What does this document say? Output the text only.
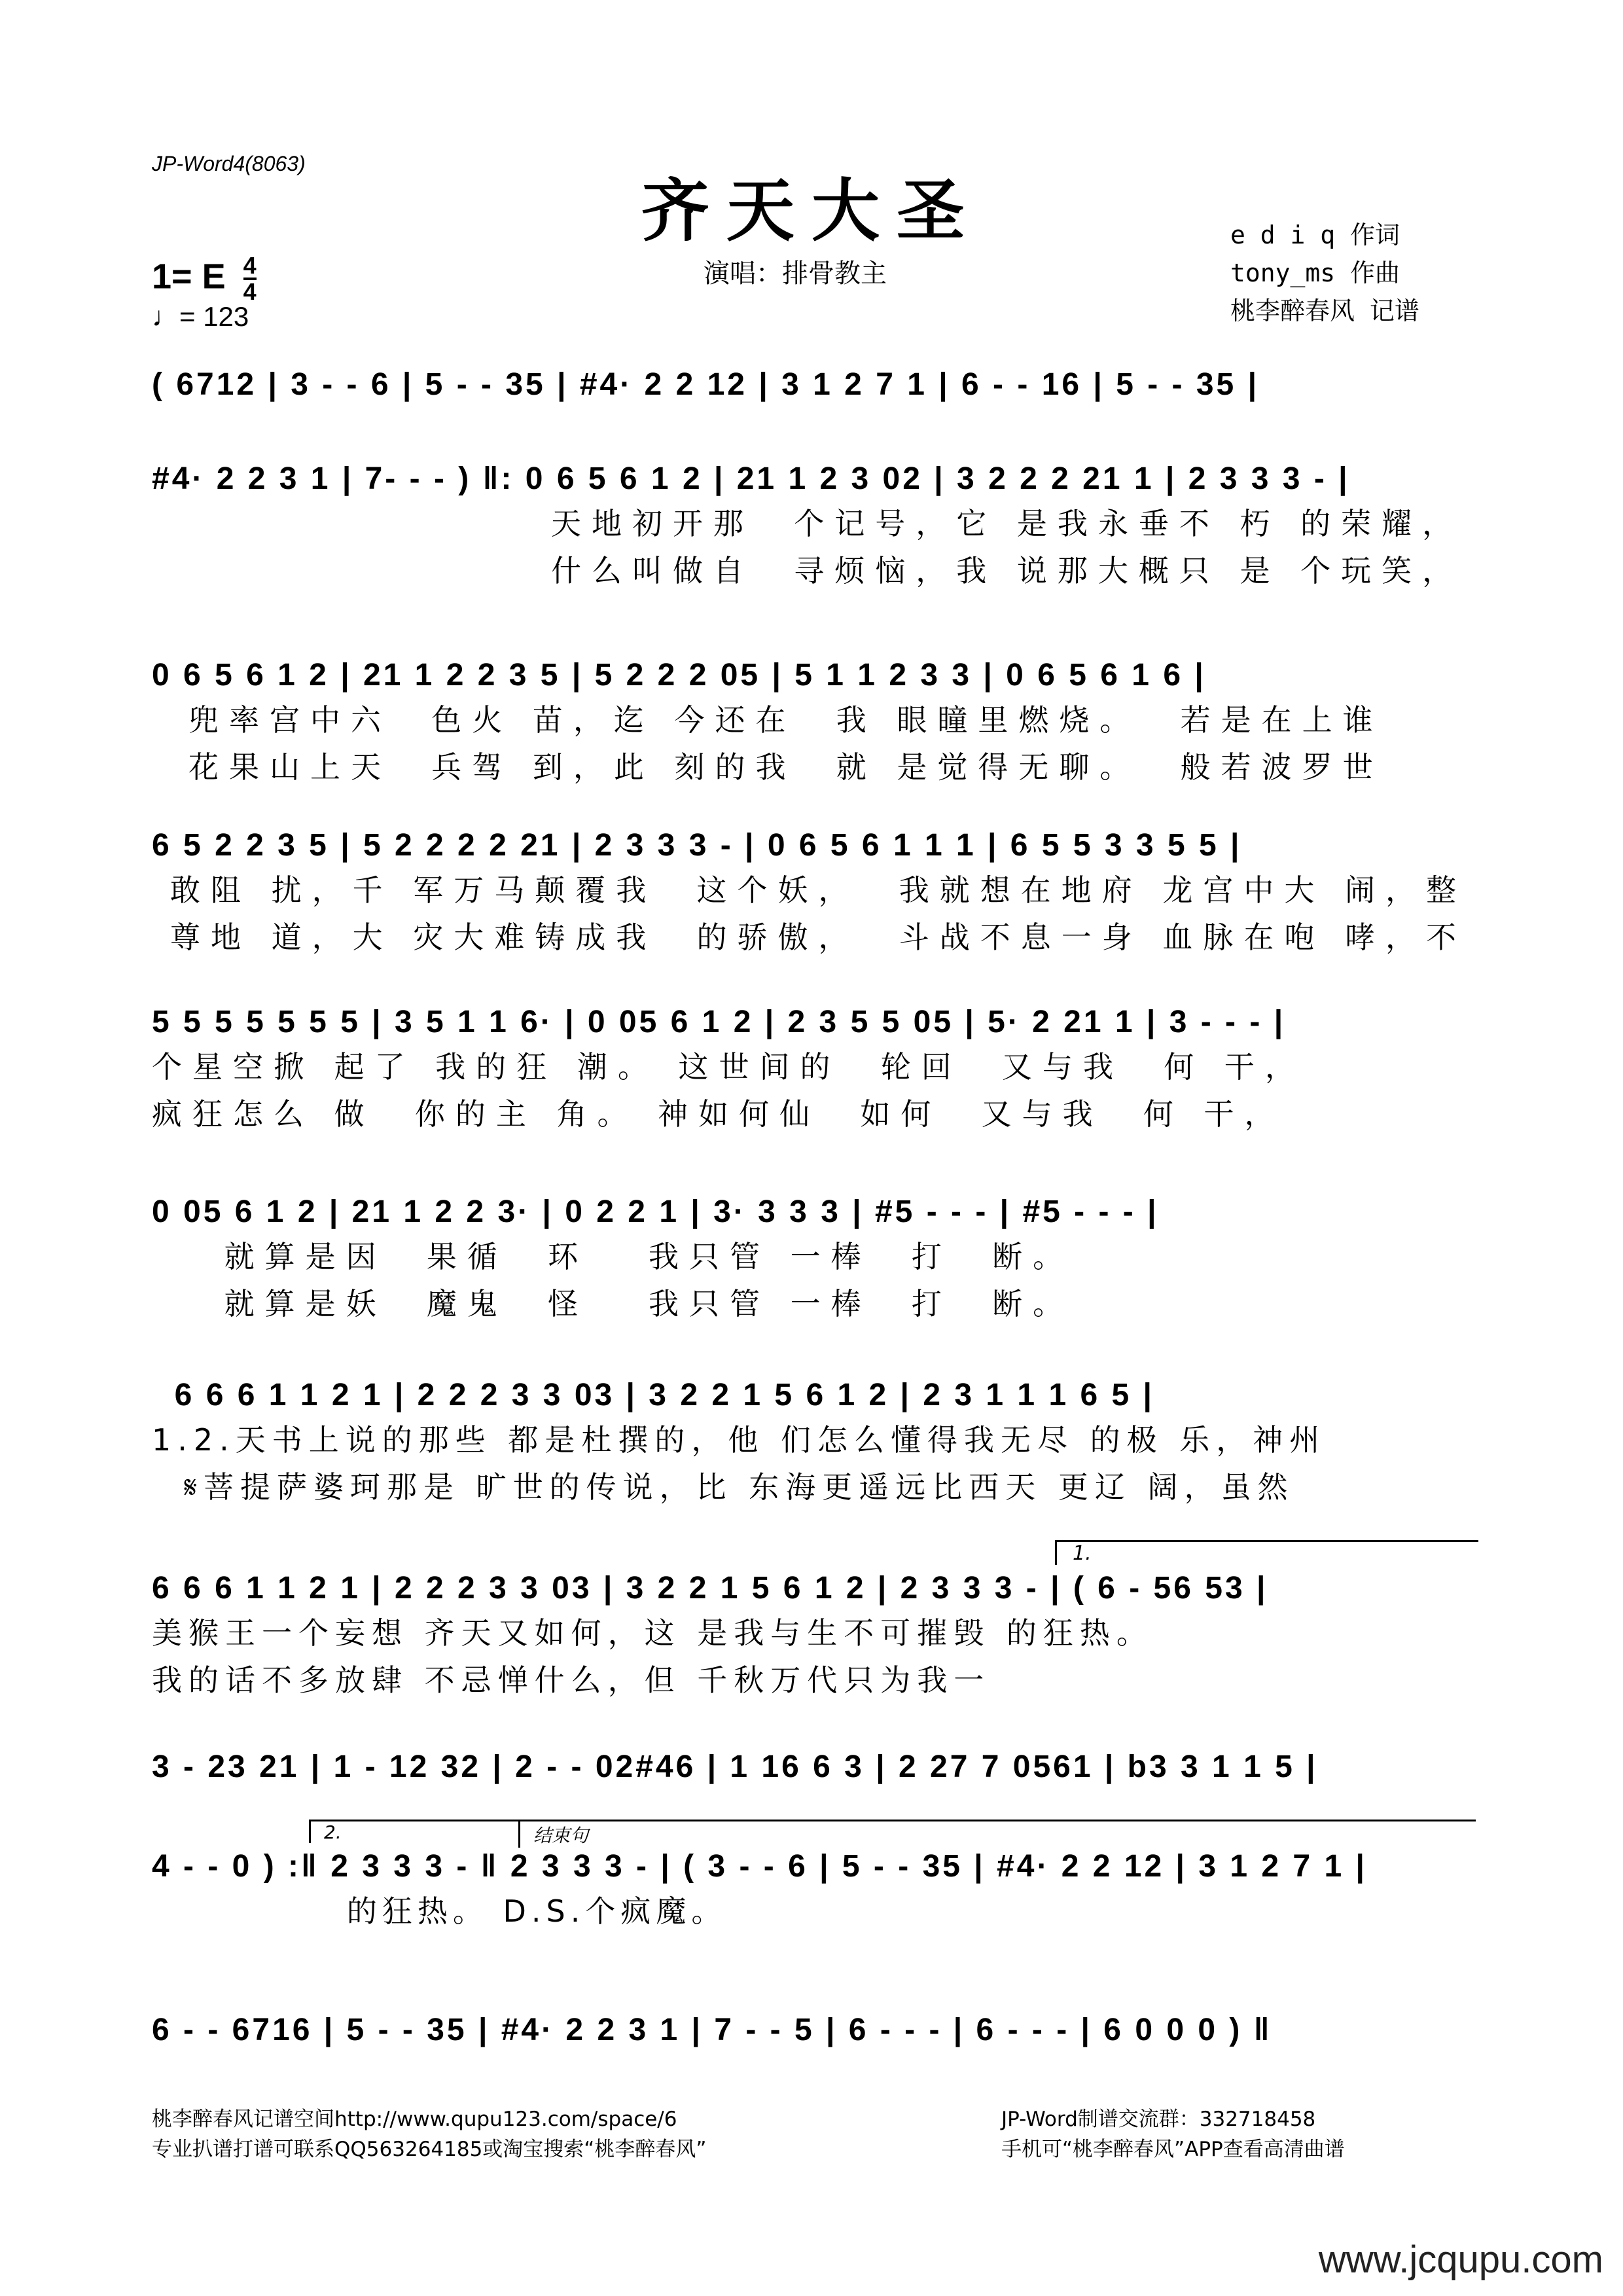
JP-Word4(8063)
齐天大圣
1= E $\frac{4}{4}$
♩= 123
演唱：排骨教主
e d i q 作词
tony_ms 作曲
桃李醉春风 记谱
( 6712 | 3 - - 6 | 5 - - 35 | #4· 2 2 12 | 3 1 2 7 1 | 6 - - 16 | 5 - - 35 |
#4· 2 2 3 1 | 7- - - ) ‖: 0 6 5 6 1 2 | 21 1 2 3 02 | 3 2 2 2 21 1 | 2 3 3 3 - |
天地初开那  个记号，它 是我永垂不 朽 的荣耀，
什么叫做自  寻烦恼，我 说那大概只 是 个玩笑，
0 6 5 6 1 2 | 21 1 2 2 3 5 | 5 2 2 2 05 | 5 1 1 2 3 3 | 0 6 5 6 1 6 |
兜率宫中六  色火 苗，迄 今还在  我 眼瞳里燃烧。  若是在上谁
花果山上天  兵驾 到，此 刻的我  就 是觉得无聊。  般若波罗世
6 5 2 2 3 5 | 5 2 2 2 2 21 | 2 3 3 3 - | 0 6 5 6 1 1 1 | 6 5 5 3 3 5 5 |
敢阻 扰，千 军万马颠覆我  这个妖，  我就想在地府 龙宫中大 闹，整
尊地 道，大 灾大难铸成我  的骄傲，  斗战不息一身 血脉在咆 哮，不
5 5 5 5 5 5 5 | 3 5 1 1 6· | 0 05 6 1 2 | 2 3 5 5 05 | 5· 2 21 1 | 3 - - - |
个星空掀 起了 我的狂 潮。 这世间的  轮回  又与我  何 干，
疯狂怎么 做  你的主 角。 神如何仙  如何  又与我  何 干，
0 05 6 1 2 | 21 1 2 2 3· | 0 2 2 1 | 3· 3 3 3 | #5 - - - | #5 - - - |
就算是因  果循  环   我只管 一棒  打  断。
就算是妖  魔鬼  怪   我只管 一棒  打  断。
6 6 6 1 1 2 1 | 2 2 2 3 3 03 | 3 2 2 1 5 6 1 2 | 2 3 1 1 1 6 5 |
1.2.天书上说的那些 都是杜撰的，他 们怎么懂得我无尽 的极 乐，神州
𝄋菩提萨婆珂那是 旷世的传说，比 东海更遥远比西天 更辽 阔，虽然
1.
6 6 6 1 1 2 1 | 2 2 2 3 3 03 | 3 2 2 1 5 6 1 2 | 2 3 3 3 - | ( 6 - 56 53 |
美猴王一个妄想 齐天又如何，这 是我与生不可摧毁 的狂热。
我的话不多放肆 不忌惮什么，但 千秋万代只为我一
3 - 23 21 | 1 - 12 32 | 2 - - 02#46 | 1 16 6 3 | 2 27 7 0561 | b3 3 1 1 5 |
2.	结束句
4 - - 0 ) :‖ 2 3 3 3 - ‖ 2 3 3 3 - | ( 3 - - 6 | 5 - - 35 | #4· 2 2 12 | 3 1 2 7 1 |
的狂热。 D.S.个疯魔。
6 - - 6716 | 5 - - 35 | #4· 2 2 3 1 | 7 - - 5 | 6 - - - | 6 - - - | 6 0 0 0 ) ‖
桃李醉春风记谱空间http://www.qupu123.com/space/6
专业扒谱打谱可联系QQ563264185或淘宝搜索“桃李醉春风”
JP-Word制谱交流群：332718458
手机可“桃李醉春风”APP查看高清曲谱
www.jcqupu.com
